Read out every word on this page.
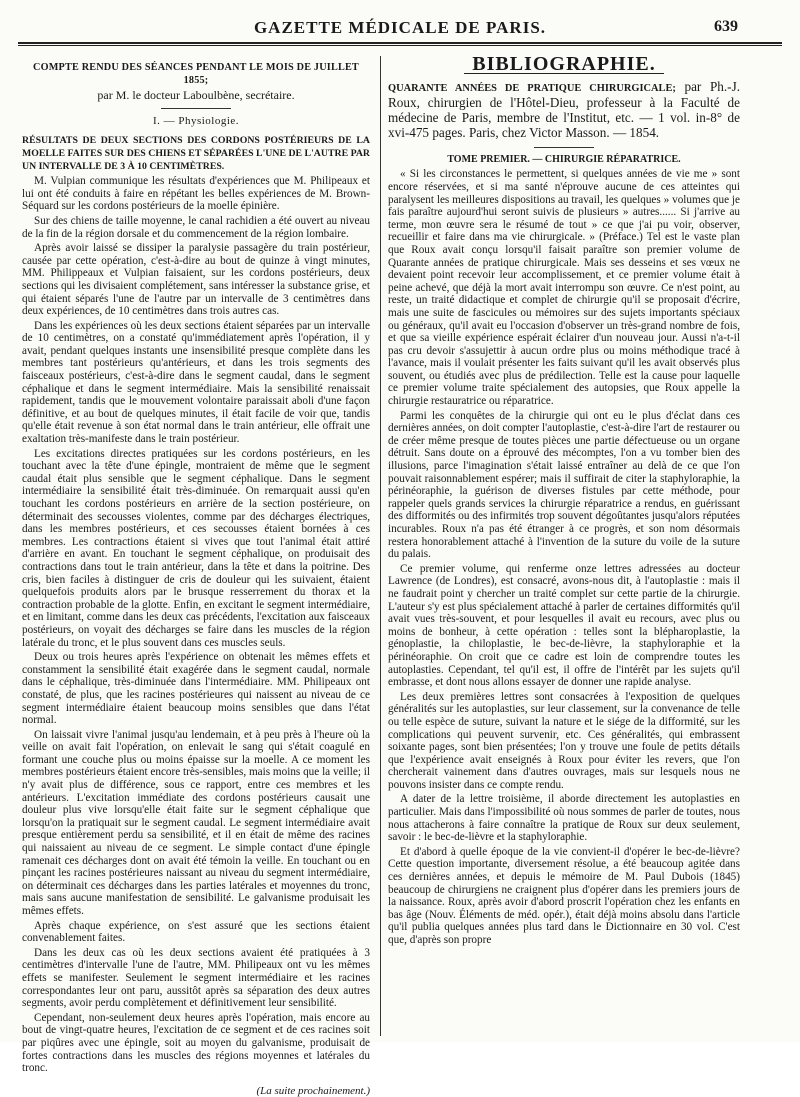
GAZETTE MÉDICALE DE PARIS.	639
COMPTE RENDU DES SÉANCES PENDANT LE MOIS DE JUILLET 1855;
par M. le docteur Laboulbène, secrétaire.
I. — Physiologie.

RÉSULTATS DE DEUX SECTIONS DES CORDONS POSTÉRIEURS DE LA MOELLE FAITES SUR DES CHIENS ET SÉPARÉES L'UNE DE L'AUTRE PAR UN INTERVALLE DE 3 À 10 CENTIMÈTRES.

M. Vulpian communique les résultats d'expériences que M. Philipeaux et lui ont été conduits à faire en répétant les belles expériences de M. Brown-Séquard sur les cordons postérieurs de la moelle épinière.

Sur des chiens de taille moyenne, le canal rachidien a été ouvert au niveau de la fin de la région dorsale et du commencement de la région lombaire.

Après avoir laissé se dissiper la paralysie passagère du train postérieur, causée par cette opération, c'est-à-dire au bout de quinze à vingt minutes, MM. Philippeaux et Vulpian faisaient, sur les cordons postérieurs, deux sections qui les divisaient complétement, sans intéresser la substance grise, et qui étaient séparés l'une de l'autre par un intervalle de 3 centimètres dans deux expériences, de 10 centimètres dans trois autres cas.

Dans les expériences où les deux sections étaient séparées par un intervalle de 10 centimètres, on a constaté qu'immédiatement après l'opération, il y avait, pendant quelques instants une insensibilité presque complète dans les membres tant postérieurs qu'antérieurs, et dans les trois segments des faisceaux postérieurs, c'est-à-dire dans le segment caudal, dans le segment céphalique et dans le segment intermédiaire. Mais la sensibilité renaissait rapidement, tandis que le mouvement volontaire paraissait aboli d'une façon définitive, et au bout de quelques minutes, il était facile de voir que, tandis qu'elle était revenue à son état normal dans le train antérieur, elle offrait une exaltation très-manifeste dans le train postérieur.

Les excitations directes pratiquées sur les cordons postérieurs, en les touchant avec la tête d'une épingle, montraient de même que le segment caudal était plus sensible que le segment céphalique. Dans le segment intermédiaire la sensibilité était très-diminuée. On remarquait aussi qu'en touchant les cordons postérieurs en arrière de la section postérieure, on déterminait des secousses violentes, comme par des décharges électriques, dans les membres postérieurs, et ces secousses étaient bornées à ces membres. Les contractions étaient si vives que tout l'animal était attiré d'arrière en avant. En touchant le segment céphalique, on produisait des contractions dans tout le train antérieur, dans la tête et dans la poitrine. Des cris, bien faciles à distinguer de cris de douleur qui les suivaient, étaient quelquefois produits alors par le brusque resserrement du thorax et la contraction probable de la glotte. Enfin, en excitant le segment intermédiaire, et en limitant, comme dans les deux cas précédents, l'excitation aux faisceaux postérieurs, on voyait des décharges se faire dans les muscles de la région latérale du tronc, et le plus souvent dans ces muscles seuls.

Deux ou trois heures après l'expérience on obtenait les mêmes effets et constamment la sensibilité était exagérée dans le segment caudal, normale dans le céphalique, très-diminuée dans l'intermédiaire. MM. Philipeaux ont constaté, de plus, que les racines postérieures qui naissent au niveau de ce segment intermédiaire étaient beaucoup moins sensibles que dans l'état normal.

On laissait vivre l'animal jusqu'au lendemain, et à peu près à l'heure où la veille on avait fait l'opération, on enlevait le sang qui s'était coagulé en formant une couche plus ou moins épaisse sur la moelle. A ce moment les membres postérieurs étaient encore très-sensibles, mais moins que la veille; il n'y avait plus de différence, sous ce rapport, entre ces membres et les antérieurs. L'excitation immédiate des cordons postérieurs causait une douleur plus vive lorsqu'elle était faite sur le segment céphalique que lorsqu'on la pratiquait sur le segment caudal. Le segment intermédiaire avait presque entièrement perdu sa sensibilité, et il en était de même des racines qui naissaient au niveau de ce segment. Le simple contact d'une épingle ramenait ces décharges dont on avait été témoin la veille. En touchant ou en pinçant les racines postérieures naissant au niveau du segment intermédiaire, on déterminait ces décharges dans les parties latérales et moyennes du tronc, mais sans aucune manifestation de sensibilité. Le galvanisme produisait les mêmes effets.

Après chaque expérience, on s'est assuré que les sections étaient convenablement faites.

Dans les deux cas où les deux sections avaient été pratiquées à 3 centimètres d'intervalle l'une de l'autre, MM. Philipeaux ont vu les mêmes effets se manifester. Seulement le segment intermédiaire et les racines correspondantes leur ont paru, aussitôt après sa séparation des deux autres segments, avoir perdu complètement et définitivement leur sensibilité.

Cependant, non-seulement deux heures après l'opération, mais encore au bout de vingt-quatre heures, l'excitation de ce segment et de ces racines soit par piqûres avec une épingle, soit au moyen du galvanisme, produisait de fortes contractions dans les muscles des régions moyennes et latérales du tronc.

(La suite prochainement.)

BIBLIOGRAPHIE.

QUARANTE ANNÉES DE PRATIQUE CHIRURGICALE; par Ph.-J. Roux, chirurgien de l'Hôtel-Dieu, professeur à la Faculté de médecine de Paris, membre de l'Institut, etc. — 1 vol. in-8° de xvi-475 pages. Paris, chez Victor Masson. — 1854.

TOME PREMIER. — CHIRURGIE RÉPARATRICE.

« Si les circonstances le permettent, si quelques années de vie me » sont encore réservées, et si ma santé n'éprouve aucune de ces atteintes qui paralysent les meilleures dispositions au travail, les quelques » volumes que je fais paraître aujourd'hui seront suivis de plusieurs » autres...... Si j'arrive au terme, mon œuvre sera le résumé de tout » ce que j'ai pu voir, observer, recueillir et faire dans ma vie chirurgicale. » (Préface.) Tel est le vaste plan que Roux avait conçu lorsqu'il faisait paraître son premier volume de Quarante années de pratique chirurgicale. Mais ses desseins et ses vœux ne devaient point recevoir leur accomplissement, et ce premier volume était à peine achevé, que déjà la mort avait interrompu son œuvre. Ce n'est point, au reste, un traité didactique et complet de chirurgie qu'il se proposait d'écrire, mais une suite de fascicules ou mémoires sur des sujets importants spéciaux ou généraux, qu'il avait eu l'occasion d'observer un très-grand nombre de fois, et que sa vieille expérience espérait éclairer d'un nouveau jour. Aussi n'a-t-il pas cru devoir s'assujettir à aucun ordre plus ou moins méthodique tracé à l'avance, mais il voulait présenter les faits suivant qu'il les avait observés plus souvent, ou étudiés avec plus de prédilection. Telle est la cause pour laquelle ce premier volume traite spécialement des autopsies, que Roux appelle la chirurgie restauratrice ou réparatrice.

Parmi les conquêtes de la chirurgie qui ont eu le plus d'éclat dans ces dernières années, on doit compter l'autoplastie, c'est-à-dire l'art de restaurer ou de créer même presque de toutes pièces une partie défectueuse ou un organe détruit. Sans doute on a éprouvé des mécomptes, l'on a vu tomber bien des illusions, parce l'imagination s'était laissé entraîner au delà de ce que l'on pouvait raisonnablement espérer; mais il suffirait de citer la staphyloraphie, la périnéoraphie, la guérison de diverses fistules par cette méthode, pour rappeler quels grands services la chirurgie réparatrice a rendus, en guérissant des difformités ou des infirmités trop souvent dégoûtantes jusqu'alors réputées incurables. Roux n'a pas été étranger à ce progrès, et son nom désormais restera honorablement attaché à l'invention de la suture du voile de la suture du palais.

Ce premier volume, qui renferme onze lettres adressées au docteur Lawrence (de Londres), est consacré, avons-nous dit, à l'autoplastie : mais il ne faudrait point y chercher un traité complet sur cette partie de la chirurgie. L'auteur s'y est plus spécialement attaché à parler de certaines difformités qu'il avait vues très-souvent, et pour lesquelles il avait eu recours, avec plus ou moins de bonheur, à cette opération : telles sont la blépharoplastie, la génoplastie, la chiloplastie, le bec-de-lièvre, la staphyloraphie et la périnéoraphie. On croit que ce cadre est loin de comprendre toutes les autoplasties. Cependant, tel qu'il est, il offre de l'intérêt par les sujets qu'il embrasse, et dont nous allons essayer de donner une rapide analyse.

Les deux premières lettres sont consacrées à l'exposition de quelques généralités sur les autoplasties, sur leur classement, sur la convenance de telle ou telle espèce de suture, suivant la nature et le siége de la difformité, sur les complications qui peuvent survenir, etc. Ces généralités, qui embrassent soixante pages, sont bien présentées; l'on y trouve une foule de petits détails que l'expérience avait enseignés à Roux pour éviter les revers, que l'on chercherait vainement dans d'autres ouvrages, mais sur lesquels nous ne pouvons insister dans ce compte rendu.

A dater de la lettre troisième, il aborde directement les autoplasties en particulier. Mais dans l'impossibilité où nous sommes de parler de toutes, nous nous attacherons à faire connaître la pratique de Roux sur deux seulement, savoir : le bec-de-lièvre et la staphyloraphie.

Et d'abord à quelle époque de la vie convient-il d'opérer le bec-de-lièvre? Cette question importante, diversement résolue, a été beaucoup agitée dans ces dernières années, et depuis le mémoire de M. Paul Dubois (1845) beaucoup de chirurgiens ne craignent plus d'opérer dans les premiers jours de la naissance. Roux, après avoir d'abord proscrit l'opération chez les enfants en bas âge (Nouv. Éléments de méd. opér.), était déjà moins absolu dans l'article qu'il publia quelques années plus tard dans le Dictionnaire en 30 vol. C'est que, d'après son propre
